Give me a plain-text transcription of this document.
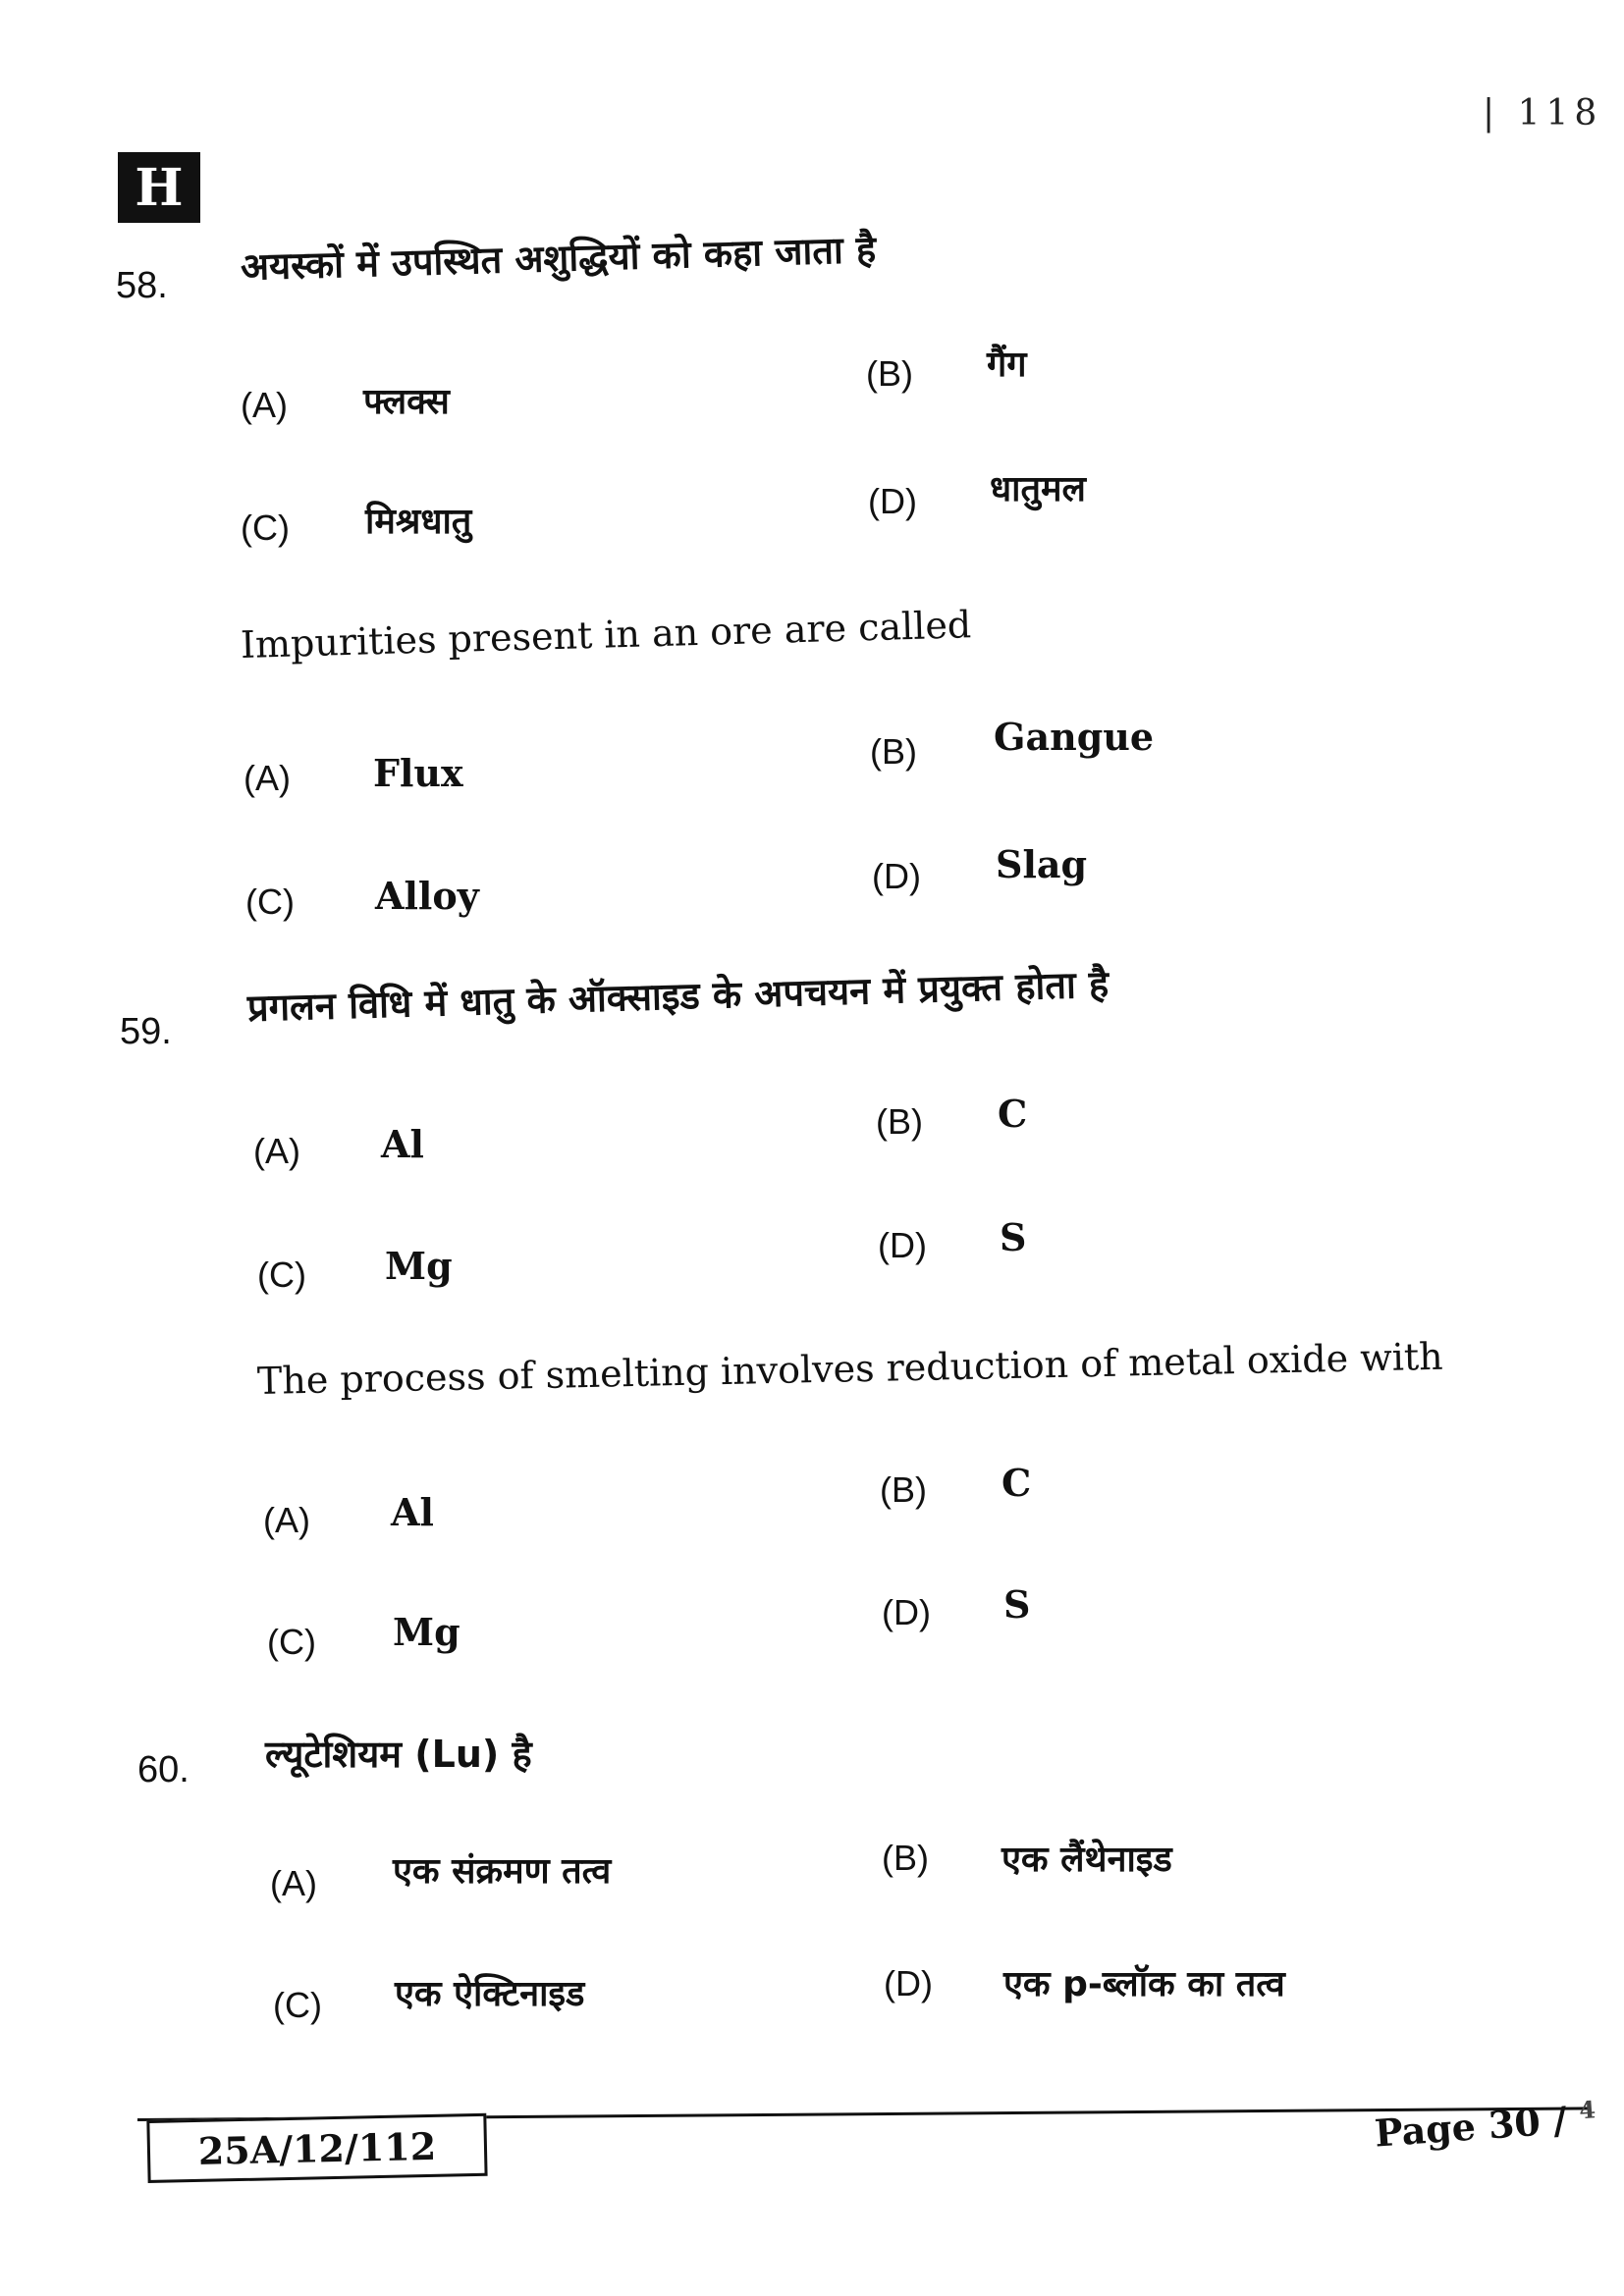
| 118
H
58. अयस्कों में उपस्थित अशुद्धियों को कहा जाता है
(A) फ्लक्स
(B) गैंग
(C) मिश्रधातु
(D) धातुमल
Impurities present in an ore are called
(A) Flux	(B) Gangue
(C) Alloy	(D) Slag
59.
प्रगलन विधि में धातु के ऑक्साइड के अपचयन में प्रयुक्त होता है
(A) Al
(B) C
(C) Mg	(D) S
The process of smelting involves reduction of metal oxide with
(A) Al
(B) C
(C) Mg	(D) S
60. ल्यूटेशियम (Lu) है
(A) एक संक्रमण तत्व	(B) एक लैंथेनाइड
(C) एक ऐक्टिनाइड	(D) एक p-ब्लॉक का तत्व
25A/12/112	Page 30 / $^4$
